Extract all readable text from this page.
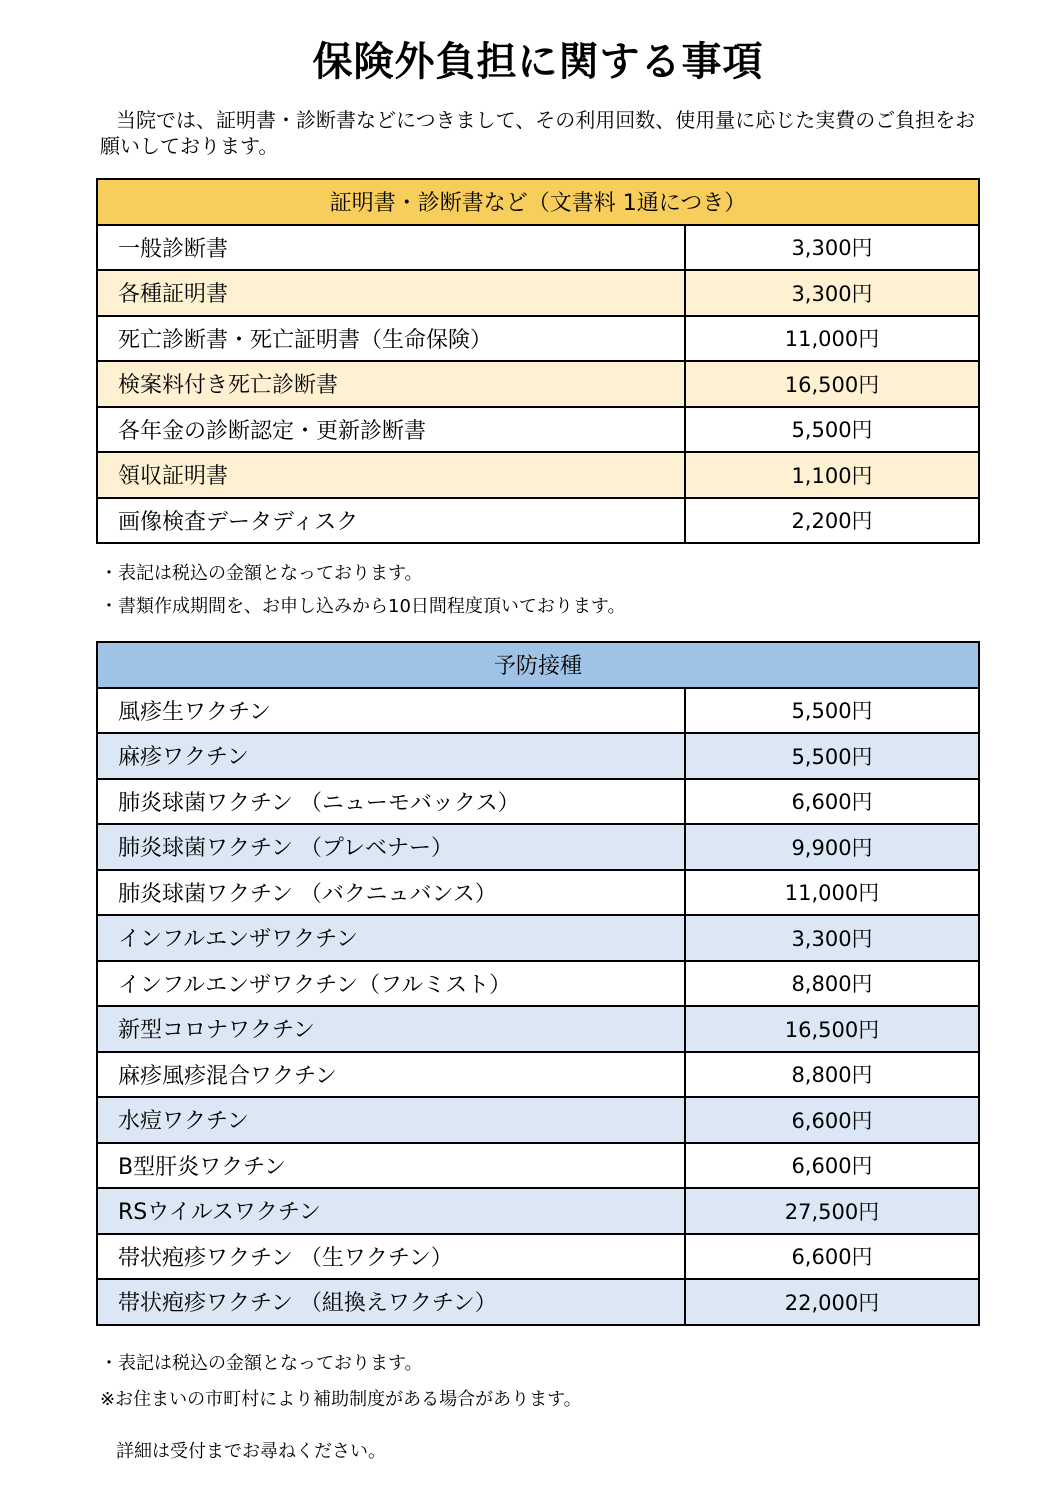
保険外負担に関する事項
当院では、証明書・診断書などにつきまして、その利用回数、使用量に応じた実費のご負担をお願いしております。
証明書・診断書など（文書料 1通につき）	
一般診断書	3,300円
各種証明書	3,300円
死亡診断書・死亡証明書（生命保険）	11,000円
検案料付き死亡診断書	16,500円
各年金の診断認定・更新診断書	5,500円
領収証明書	1,100円
画像検査データディスク	2,200円
・表記は税込の金額となっております。
・書類作成期間を、お申し込みから10日間程度頂いております。
予防接種	
風疹生ワクチン	5,500円
麻疹ワクチン	5,500円
肺炎球菌ワクチン （ニューモバックス）	6,600円
肺炎球菌ワクチン （プレベナー）	9,900円
肺炎球菌ワクチン （バクニュバンス）	11,000円
インフルエンザワクチン	3,300円
インフルエンザワクチン（フルミスト）	8,800円
新型コロナワクチン	16,500円
麻疹風疹混合ワクチン	8,800円
水痘ワクチン	6,600円
B型肝炎ワクチン	6,600円
RSウイルスワクチン	27,500円
帯状疱疹ワクチン （生ワクチン）	6,600円
帯状疱疹ワクチン （組換えワクチン）	22,000円
・表記は税込の金額となっております。
※お住まいの市町村により補助制度がある場合があります。
詳細は受付までお尋ねください。
